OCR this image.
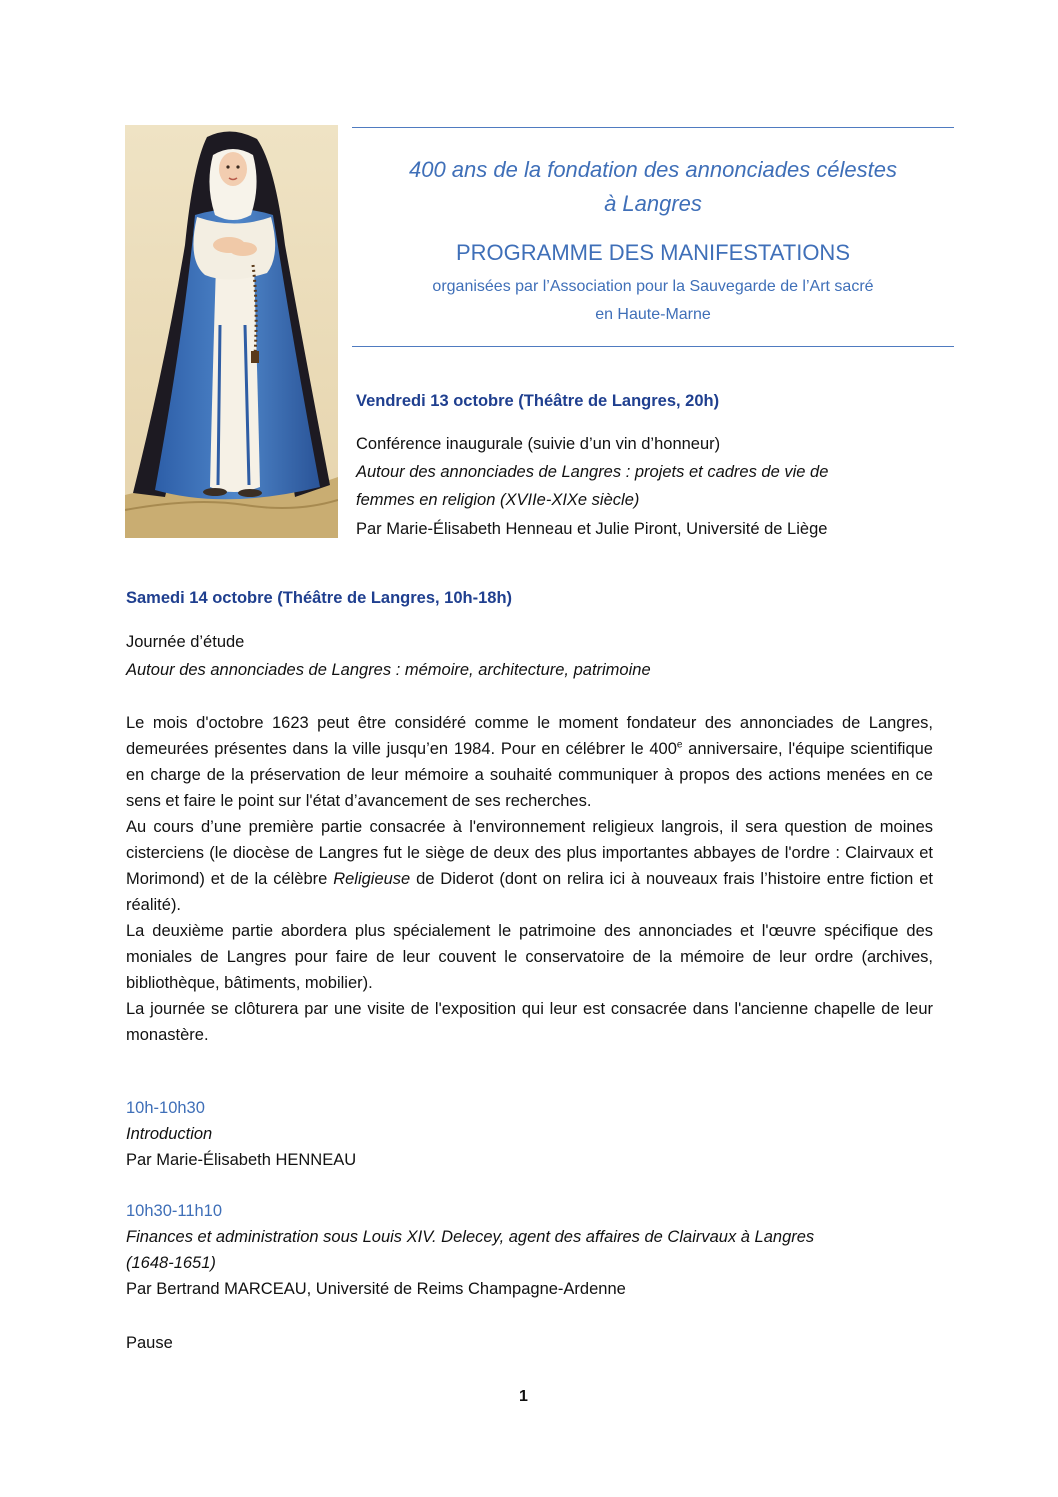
400 ans de la fondation des annonciades célestes
à Langres
PROGRAMME DES MANIFESTATIONS
organisées par l’Association pour la Sauvegarde de l’Art sacré
en Haute-Marne
Vendredi 13 octobre (Théâtre de Langres, 20h)
Conférence inaugurale (suivie d’un vin d’honneur)
Autour des annonciades de Langres : projets et cadres de vie de
femmes en religion (XVIIe-XIXe siècle)
Par Marie-Élisabeth Henneau et Julie Piront, Université de Liège
Samedi 14 octobre (Théâtre de Langres, 10h-18h)
Journée d’étude
Autour des annonciades de Langres : mémoire, architecture, patrimoine

Le mois d'octobre 1623 peut être considéré comme le moment fondateur des annonciades de Langres, demeurées présentes dans la ville jusqu’en 1984. Pour en célébrer le 400e anniversaire, l'équipe scientifique en charge de la préservation de leur mémoire a souhaité communiquer à propos des actions menées en ce sens et faire le point sur l'état d’avancement de ses recherches.

Au cours d’une première partie consacrée à l'environnement religieux langrois, il sera question de moines cisterciens (le diocèse de Langres fut le siège de deux des plus importantes abbayes de l'ordre : Clairvaux et Morimond) et de la célèbre Religieuse de Diderot (dont on relira ici à nouveaux frais l’histoire entre fiction et réalité).

La deuxième partie abordera plus spécialement le patrimoine des annonciades et l'œuvre spécifique des moniales de Langres pour faire de leur couvent le conservatoire de la mémoire de leur ordre (archives, bibliothèque, bâtiments, mobilier).

La journée se clôturera par une visite de l'exposition qui leur est consacrée dans l'ancienne chapelle de leur monastère.

10h-10h30
Introduction
Par Marie-Élisabeth HENNEAU
10h30-11h10
Finances et administration sous Louis XIV. Delecey, agent des affaires de Clairvaux à Langres
(1648-1651)
Par Bertrand MARCEAU, Université de Reims Champagne-Ardenne
Pause
1
